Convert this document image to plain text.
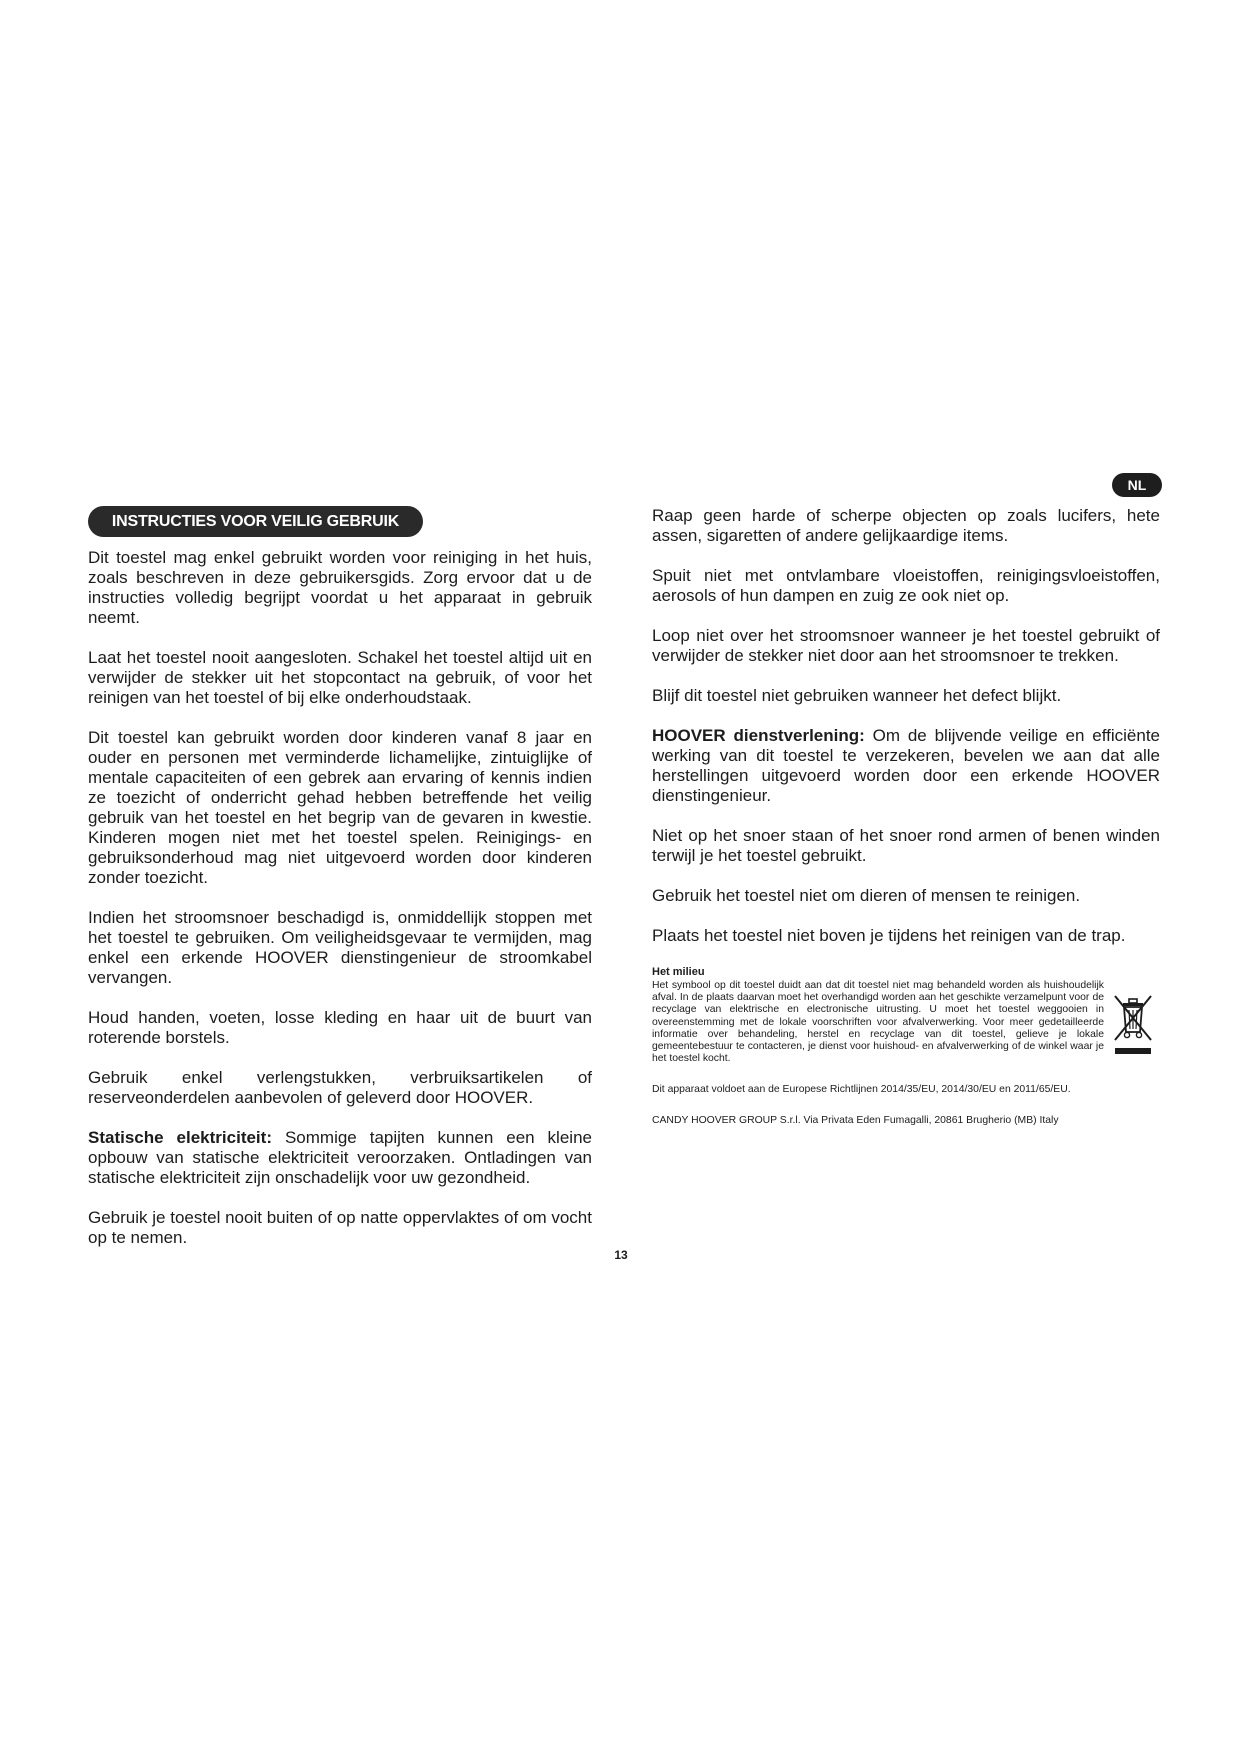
NL
INSTRUCTIES VOOR VEILIG GEBRUIK

Dit toestel mag enkel gebruikt worden voor reiniging in het huis, zoals beschreven in deze gebruikersgids. Zorg ervoor dat u de instructies volledig begrijpt voordat u het apparaat in gebruik neemt.

Laat het toestel nooit aangesloten. Schakel het toestel altijd uit en verwijder de stekker uit het stopcontact na gebruik, of voor het reinigen van het toestel of bij elke onderhoudstaak.

Dit toestel kan gebruikt worden door kinderen vanaf 8 jaar en ouder en personen met verminderde lichamelijke, zintuiglijke of mentale capaciteiten of een gebrek aan ervaring of kennis indien ze toezicht of onderricht gehad hebben betreffende het veilig gebruik van het toestel en het begrip van de gevaren in kwestie. Kinderen mogen niet met het toestel spelen. Reinigings- en gebruiksonderhoud mag niet uitgevoerd worden door kinderen zonder toezicht.

Indien het stroomsnoer beschadigd is, onmiddellijk stoppen met het toestel te gebruiken. Om veiligheidsgevaar te vermijden, mag enkel een erkende HOOVER dienstingenieur de stroomkabel vervangen.

Houd handen, voeten, losse kleding en haar uit de buurt van roterende borstels.

Gebruik enkel verlengstukken, verbruiksartikelen of reserveonderdelen aanbevolen of geleverd door HOOVER.

Statische elektriciteit: Sommige tapijten kunnen een kleine opbouw van statische elektriciteit veroorzaken. Ontladingen van statische elektriciteit zijn onschadelijk voor uw gezondheid.

Gebruik je toestel nooit buiten of op natte oppervlaktes of om vocht op te nemen.

Raap geen harde of scherpe objecten op zoals lucifers, hete assen, sigaretten of andere gelijkaardige items.

Spuit niet met ontvlambare vloeistoffen, reinigingsvloeistoffen, aerosols of hun dampen en zuig ze ook niet op.

Loop niet over het stroomsnoer wanneer je het toestel gebruikt of verwijder de stekker niet door aan het stroomsnoer te trekken.

Blijf dit toestel niet gebruiken wanneer het defect blijkt.

HOOVER dienstverlening: Om de blijvende veilige en efficiënte werking van dit toestel te verzekeren, bevelen we aan dat alle herstellingen uitgevoerd worden door een erkende HOOVER dienstingenieur.

Niet op het snoer staan of het snoer rond armen of benen winden terwijl je het toestel gebruikt.

Gebruik het toestel niet om dieren of mensen te reinigen.

Plaats het toestel niet boven je tijdens het reinigen van de trap.

Het milieu

Het symbool op dit toestel duidt aan dat dit toestel niet mag behandeld worden als huishoudelijk afval. In de plaats daarvan moet het overhandigd worden aan het geschikte verzamelpunt voor de recyclage van elektrische en electronische uitrusting. U moet het toestel weggooien in overeenstemming met de lokale voorschriften voor afvalverwerking. Voor meer gedetailleerde informatie over behandeling, herstel en recyclage van dit toestel, gelieve je lokale gemeentebestuur te contacteren, je dienst voor huishoud- en afvalverwerking of de winkel waar je het toestel kocht.

Dit apparaat voldoet aan de Europese Richtlijnen 2014/35/EU, 2014/30/EU en 2011/65/EU.

CANDY HOOVER GROUP S.r.l. Via Privata Eden Fumagalli, 20861 Brugherio (MB) Italy

13
